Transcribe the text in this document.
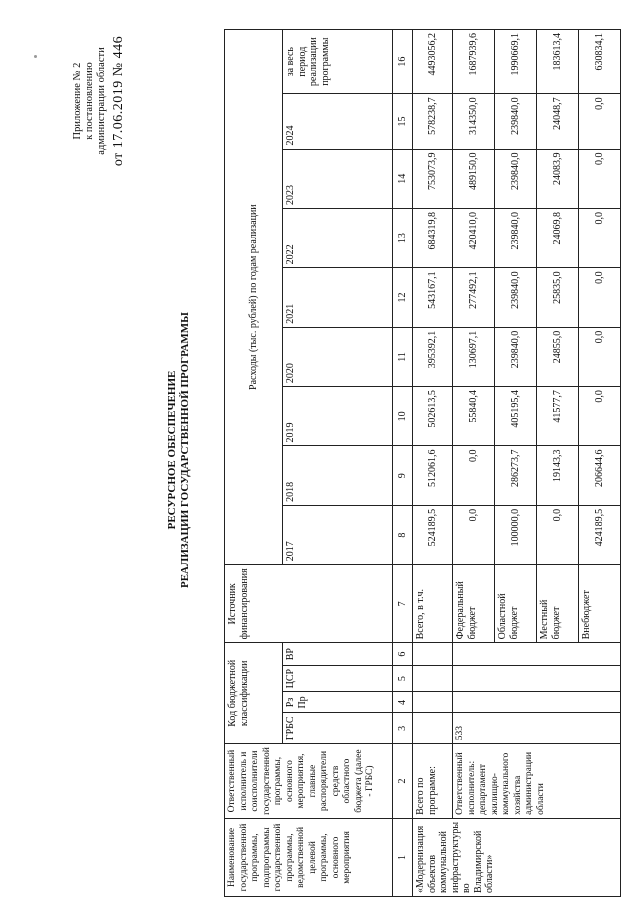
Приложение № 2 к постановлению администрации области от 17.06.2019 № 446
РЕСУРСНОЕ ОБЕСПЕЧЕНИЕ РЕАЛИЗАЦИИ ГОСУДАРСТВЕННОЙ ПРОГРАММЫ
Наименование государственной программы, подпрограммы государственной программы, ведомственной целевой программы, основного мероприятия	Ответственный исполнитель и соисполнители государственной программы, основного мероприятия, главные распорядители средств областного бюджета (далее - ГРБС)	Код бюджетной классификации				Источник финансирования	Расходы (тыс. рублей) по годам реализации								
		ГРБС	Рз Пр	ЦСР	ВР		2017	2018	2019	2020	2021	2022	2023	2024	за весь период реализации программы

1	2	3	4	5	6	7	8	9	10	11	12	13	14	15	16
«Модернизация объектов коммунальной инфраструктуры во Владимирской области»	Всего по программе:					Всего, в т.ч.	524189,5	512061,6	502613,5	395392,1	543167,1	684319,8	753073,9	578238,7	4493056,2
	Ответственный исполнитель: департамент жилищно-коммунального хозяйства администрации области	533				Федеральный бюджет	0,0	0,0	55840,4	130697,1	277492,1	420410,0	489150,0	314350,0	1687939,6
						Областной бюджет	100000,0	286273,7	405195,4	239840,0	239840,0	239840,0	239840,0	239840,0	1990669,1
						Местный бюджет	0,0	19143,3	41577,7	24855,0	25835,0	24069,8	24083,9	24048,7	183613,4
						Внебюджет	424189,5	206644,6	0,0	0,0	0,0	0,0	0,0	0,0	630834,1
